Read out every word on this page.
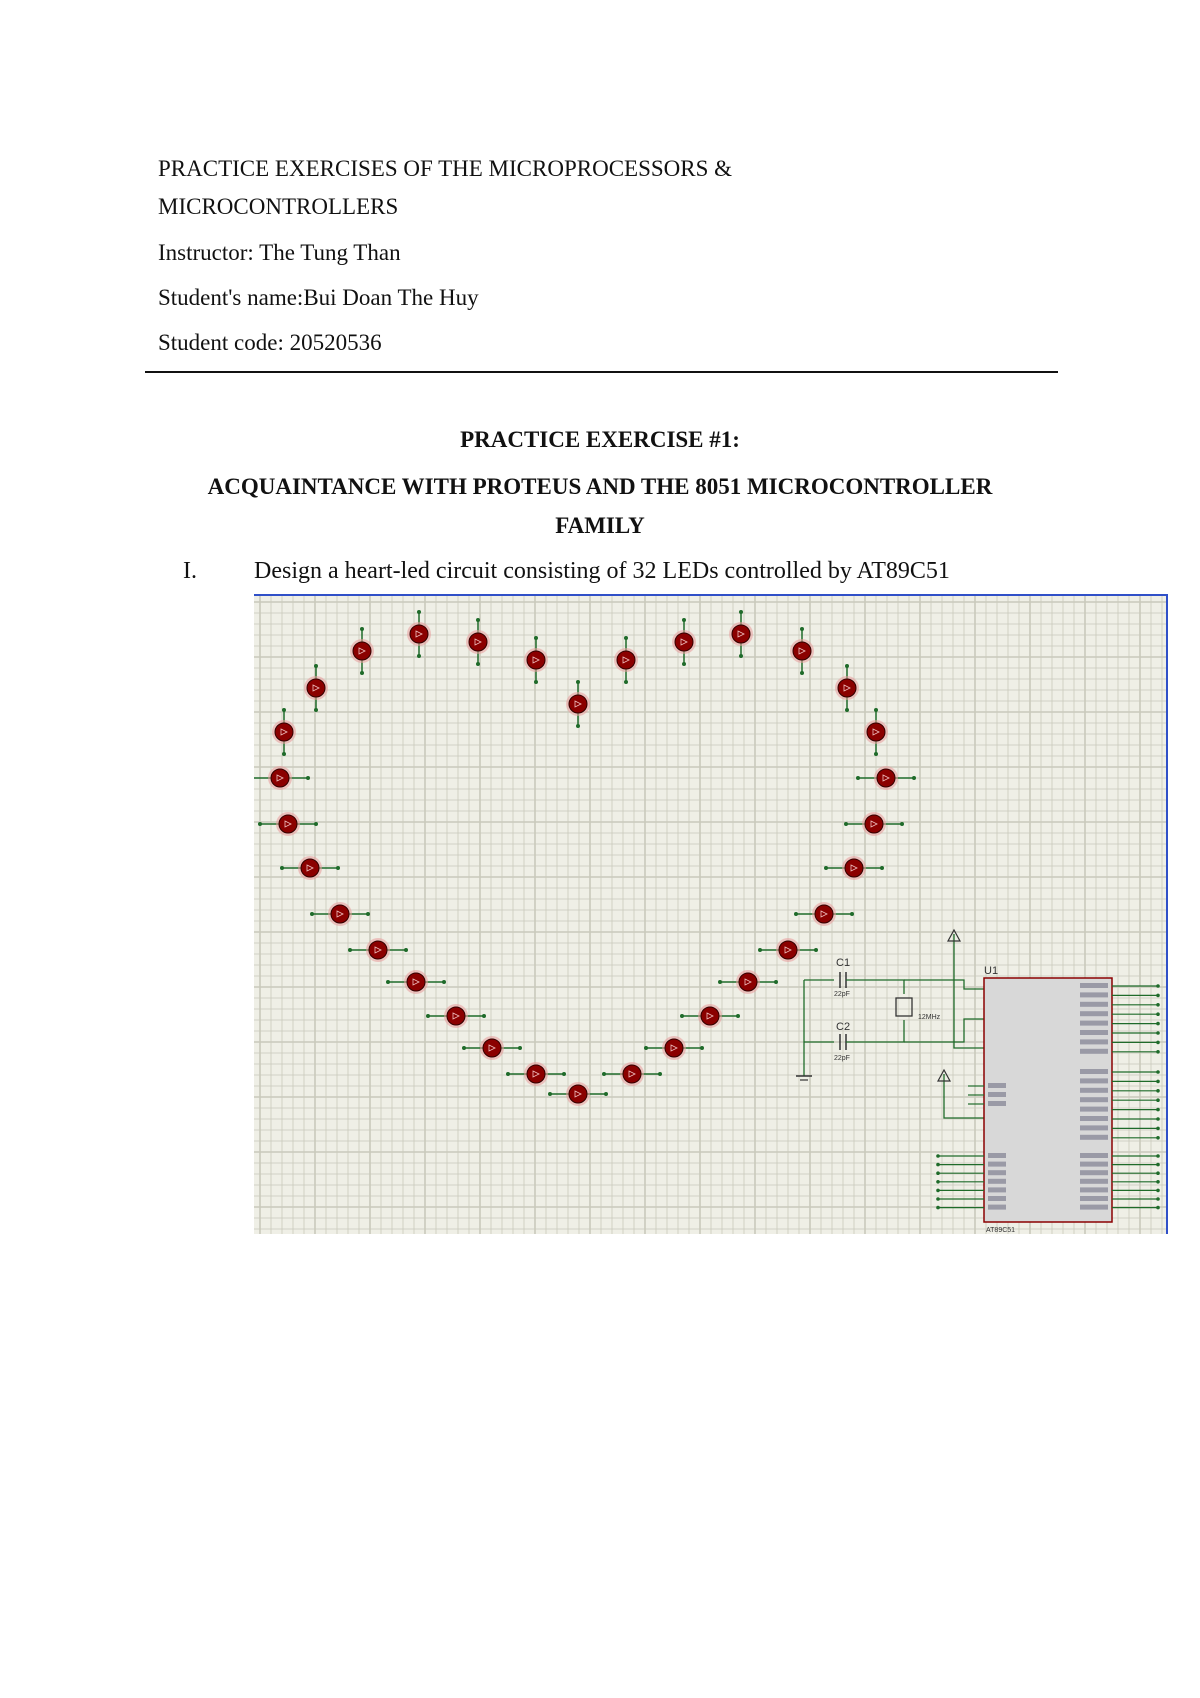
PRACTICE EXERCISES OF THE MICROPROCESSORS &
MICROCONTROLLERS
Instructor: The Tung Than
Student's name:Bui Doan The Huy
Student code: 20520536
PRACTICE EXERCISE #1:
ACQUAINTANCE WITH PROTEUS AND THE 8051 MICROCONTROLLER
FAMILY
I. Design a heart-led circuit consisting of 32 LEDs controlled by AT89C51
C1
C2
22pF
22pF
12MHz
U1
AT89C51
